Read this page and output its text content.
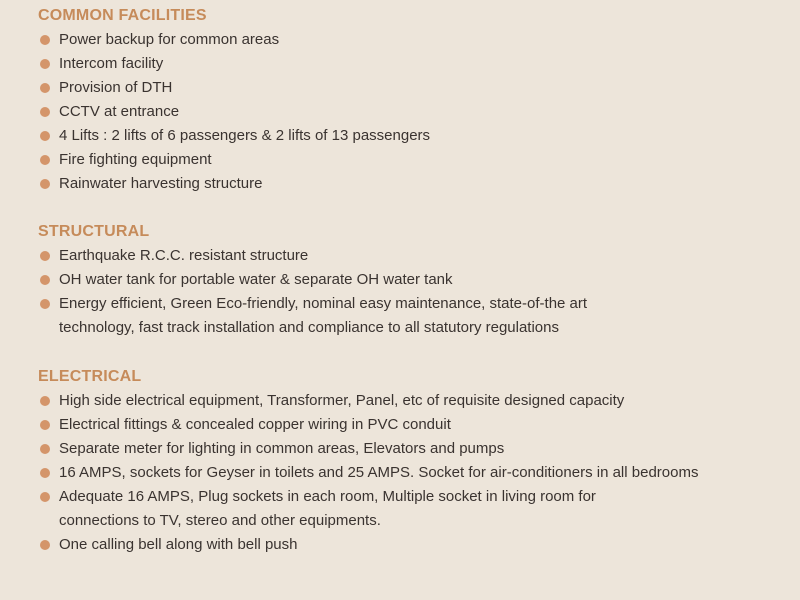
COMMON FACILITIES
Power backup for common areas
Intercom facility
Provision of DTH
CCTV at entrance
4 Lifts : 2 lifts of 6 passengers & 2 lifts of 13 passengers
Fire fighting equipment
Rainwater harvesting structure
STRUCTURAL
Earthquake R.C.C. resistant structure
OH water tank for portable water & separate OH water tank
Energy efficient, Green Eco-friendly, nominal easy maintenance, state-of-the art
technology, fast track installation and compliance to all statutory regulations
ELECTRICAL
High side electrical equipment, Transformer, Panel, etc of requisite designed capacity
Electrical fittings & concealed copper wiring in PVC conduit
Separate meter for lighting in common areas, Elevators and pumps
16 AMPS, sockets for Geyser in toilets and 25 AMPS. Socket for air-conditioners in all bedrooms
Adequate 16 AMPS, Plug sockets in each room, Multiple socket in living room for
connections to TV, stereo and other equipments.
One calling bell along with bell push
